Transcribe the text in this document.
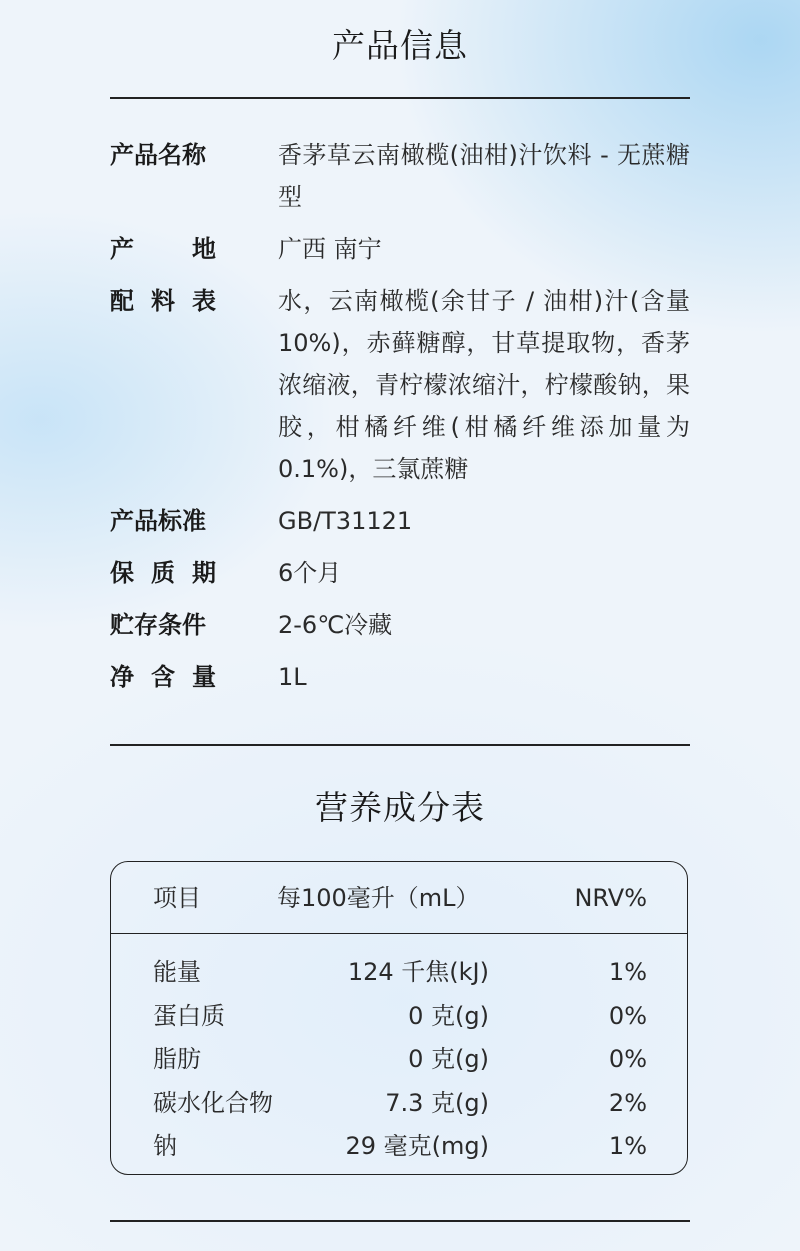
产品信息
产品名称	香茅草云南橄榄(油柑)汁饮料 - 无蔗糖型
产 地	广西 南宁
配 料 表	水，云南橄榄(余甘子 / 油柑)汁(含量 10%)，赤藓糖醇，甘草提取物，香茅浓缩液，青柠檬浓缩汁，柠檬酸钠，果胶，柑橘纤维(柑橘纤维添加量为 0.1%)，三氯蔗糖
产品标准	GB/T31121
保 质 期	6个月
贮存条件	2-6℃冷藏
净 含 量	1L
营养成分表
项目	每100毫升（mL）	NRV%
能量	124 千焦(kJ)	1%
蛋白质	0 克(g)	0%
脂肪	0 克(g)	0%
碳水化合物	7.3 克(g)	2%
钠	29 毫克(mg)	1%
